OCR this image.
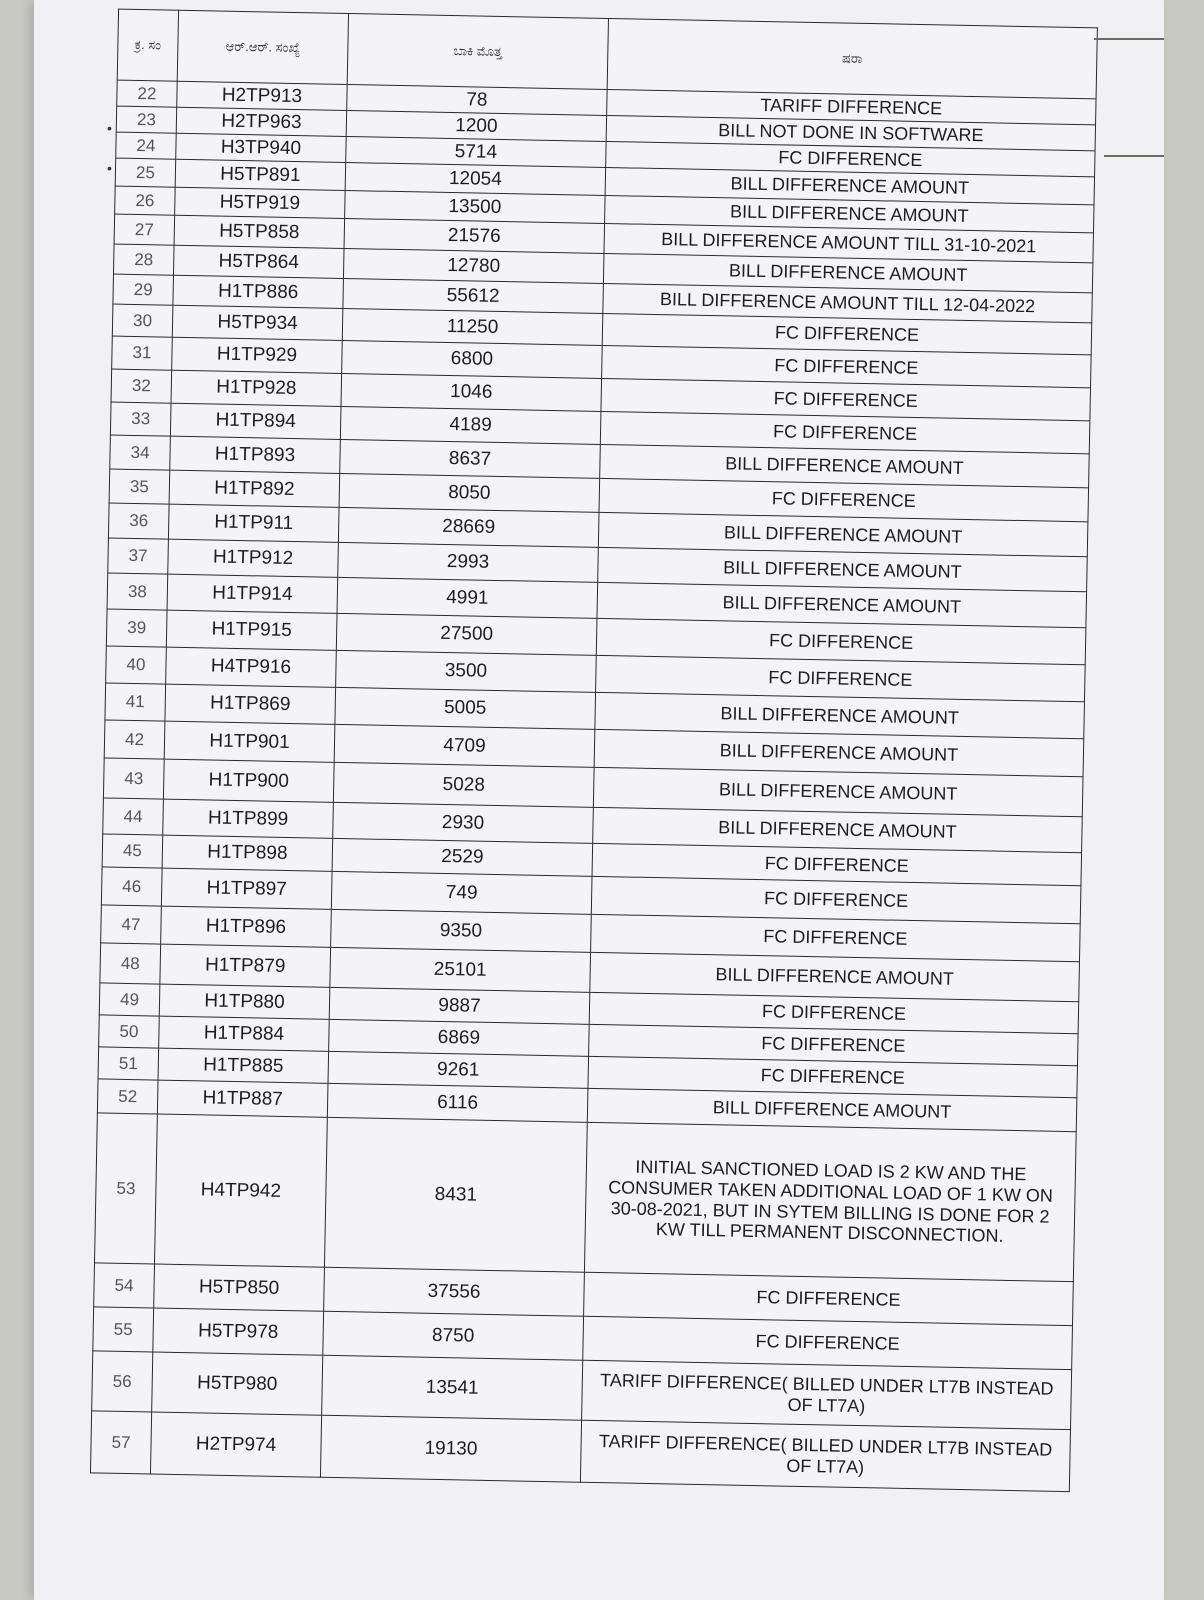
•
•
ಕ್ರ. ಸಂ	ಆರ್.ಆರ್. ಸಂಖ್ಯೆ	ಬಾಕಿ ಮೊತ್ತ	ಷರಾ
22	H2TP913	78	TARIFF DIFFERENCE
23	H2TP963	1200	BILL NOT DONE IN SOFTWARE
24	H3TP940	5714	FC DIFFERENCE
25	H5TP891	12054	BILL DIFFERENCE AMOUNT
26	H5TP919	13500	BILL DIFFERENCE AMOUNT
27	H5TP858	21576	BILL DIFFERENCE AMOUNT TILL 31-10-2021
28	H5TP864	12780	BILL DIFFERENCE AMOUNT
29	H1TP886	55612	BILL DIFFERENCE AMOUNT TILL 12-04-2022
30	H5TP934	11250	FC DIFFERENCE
31	H1TP929	6800	FC DIFFERENCE
32	H1TP928	1046	FC DIFFERENCE
33	H1TP894	4189	FC DIFFERENCE
34	H1TP893	8637	BILL DIFFERENCE AMOUNT
35	H1TP892	8050	FC DIFFERENCE
36	H1TP911	28669	BILL DIFFERENCE AMOUNT
37	H1TP912	2993	BILL DIFFERENCE AMOUNT
38	H1TP914	4991	BILL DIFFERENCE AMOUNT
39	H1TP915	27500	FC DIFFERENCE
40	H4TP916	3500	FC DIFFERENCE
41	H1TP869	5005	BILL DIFFERENCE AMOUNT
42	H1TP901	4709	BILL DIFFERENCE AMOUNT
43	H1TP900	5028	BILL DIFFERENCE AMOUNT
44	H1TP899	2930	BILL DIFFERENCE AMOUNT
45	H1TP898	2529	FC DIFFERENCE
46	H1TP897	749	FC DIFFERENCE
47	H1TP896	9350	FC DIFFERENCE
48	H1TP879	25101	BILL DIFFERENCE AMOUNT
49	H1TP880	9887	FC DIFFERENCE
50	H1TP884	6869	FC DIFFERENCE
51	H1TP885	9261	FC DIFFERENCE
52	H1TP887	6116	BILL DIFFERENCE AMOUNT
53	H4TP942	8431	INITIAL SANCTIONED LOAD IS 2 KW AND THE CONSUMER TAKEN ADDITIONAL LOAD OF 1 KW ON 30-08-2021, BUT IN SYTEM BILLING IS DONE FOR 2 KW TILL PERMANENT DISCONNECTION.
54	H5TP850	37556	FC DIFFERENCE
55	H5TP978	8750	FC DIFFERENCE
56	H5TP980	13541	TARIFF DIFFERENCE( BILLED UNDER LT7B INSTEAD OF LT7A)
57	H2TP974	19130	TARIFF DIFFERENCE( BILLED UNDER LT7B INSTEAD OF LT7A)
